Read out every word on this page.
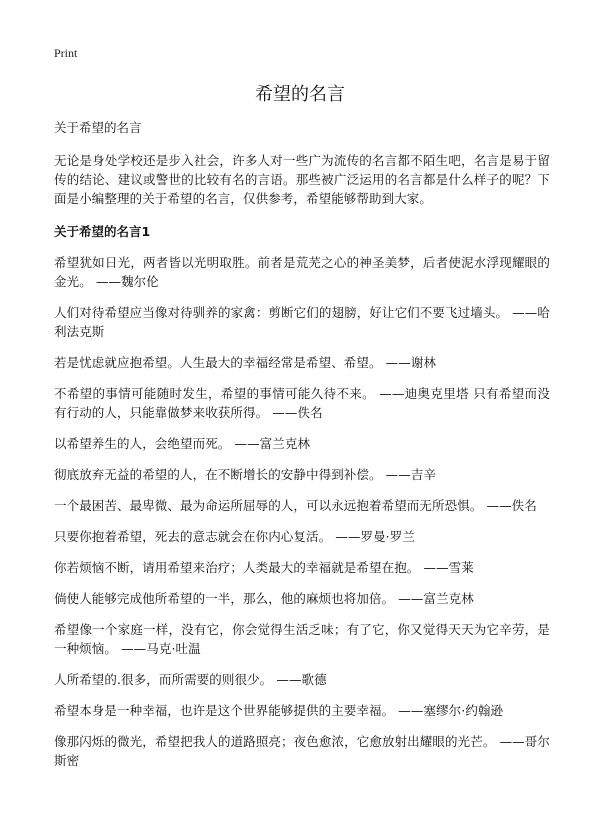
Print
希望的名言

关于希望的名言

无论是身处学校还是步入社会，许多人对一些广为流传的名言都不陌生吧，名言是易于留传的结论、建议或警世的比较有名的言语。那些被广泛运用的名言都是什么样子的呢？下面是小编整理的关于希望的名言，仅供参考，希望能够帮助到大家。

关于希望的名言1

希望犹如日光，两者皆以光明取胜。前者是荒芜之心的神圣美梦，后者使泥水浮现耀眼的金光。 ——魏尔伦

人们对待希望应当像对待驯养的家禽：剪断它们的翅膀，好让它们不要飞过墙头。 ——哈利法克斯

若是忧虑就应抱希望。人生最大的幸福经常是希望、希望。 ——谢林

不希望的事情可能随时发生，希望的事情可能久待不来。 ——迪奥克里塔 只有希望而没有行动的人，只能靠做梦来收获所得。 ——佚名

以希望养生的人，会绝望而死。 ——富兰克林

彻底放弃无益的希望的人，在不断增长的安静中得到补偿。 ——吉辛

一个最困苦、最卑微、最为命运所屈辱的人，可以永远抱着希望而无所恐惧。 ——佚名

只要你抱着希望，死去的意志就会在你内心复活。 ——罗曼·罗兰

你若烦恼不断，请用希望来治疗；人类最大的幸福就是希望在抱。 ——雪莱

倘使人能够完成他所希望的一半，那么，他的麻烦也将加倍。 ——富兰克林

希望像一个家庭一样，没有它，你会觉得生活乏味；有了它，你又觉得天天为它辛劳，是一种烦恼。 ——马克·吐温

人所希望的.很多，而所需要的则很少。 ——歌德

希望本身是一种幸福，也许是这个世界能够提供的主要幸福。 ——塞缪尔·约翰逊

像那闪烁的微光，希望把我人的道路照亮；夜色愈浓，它愈放射出耀眼的光芒。 ——哥尔斯密
